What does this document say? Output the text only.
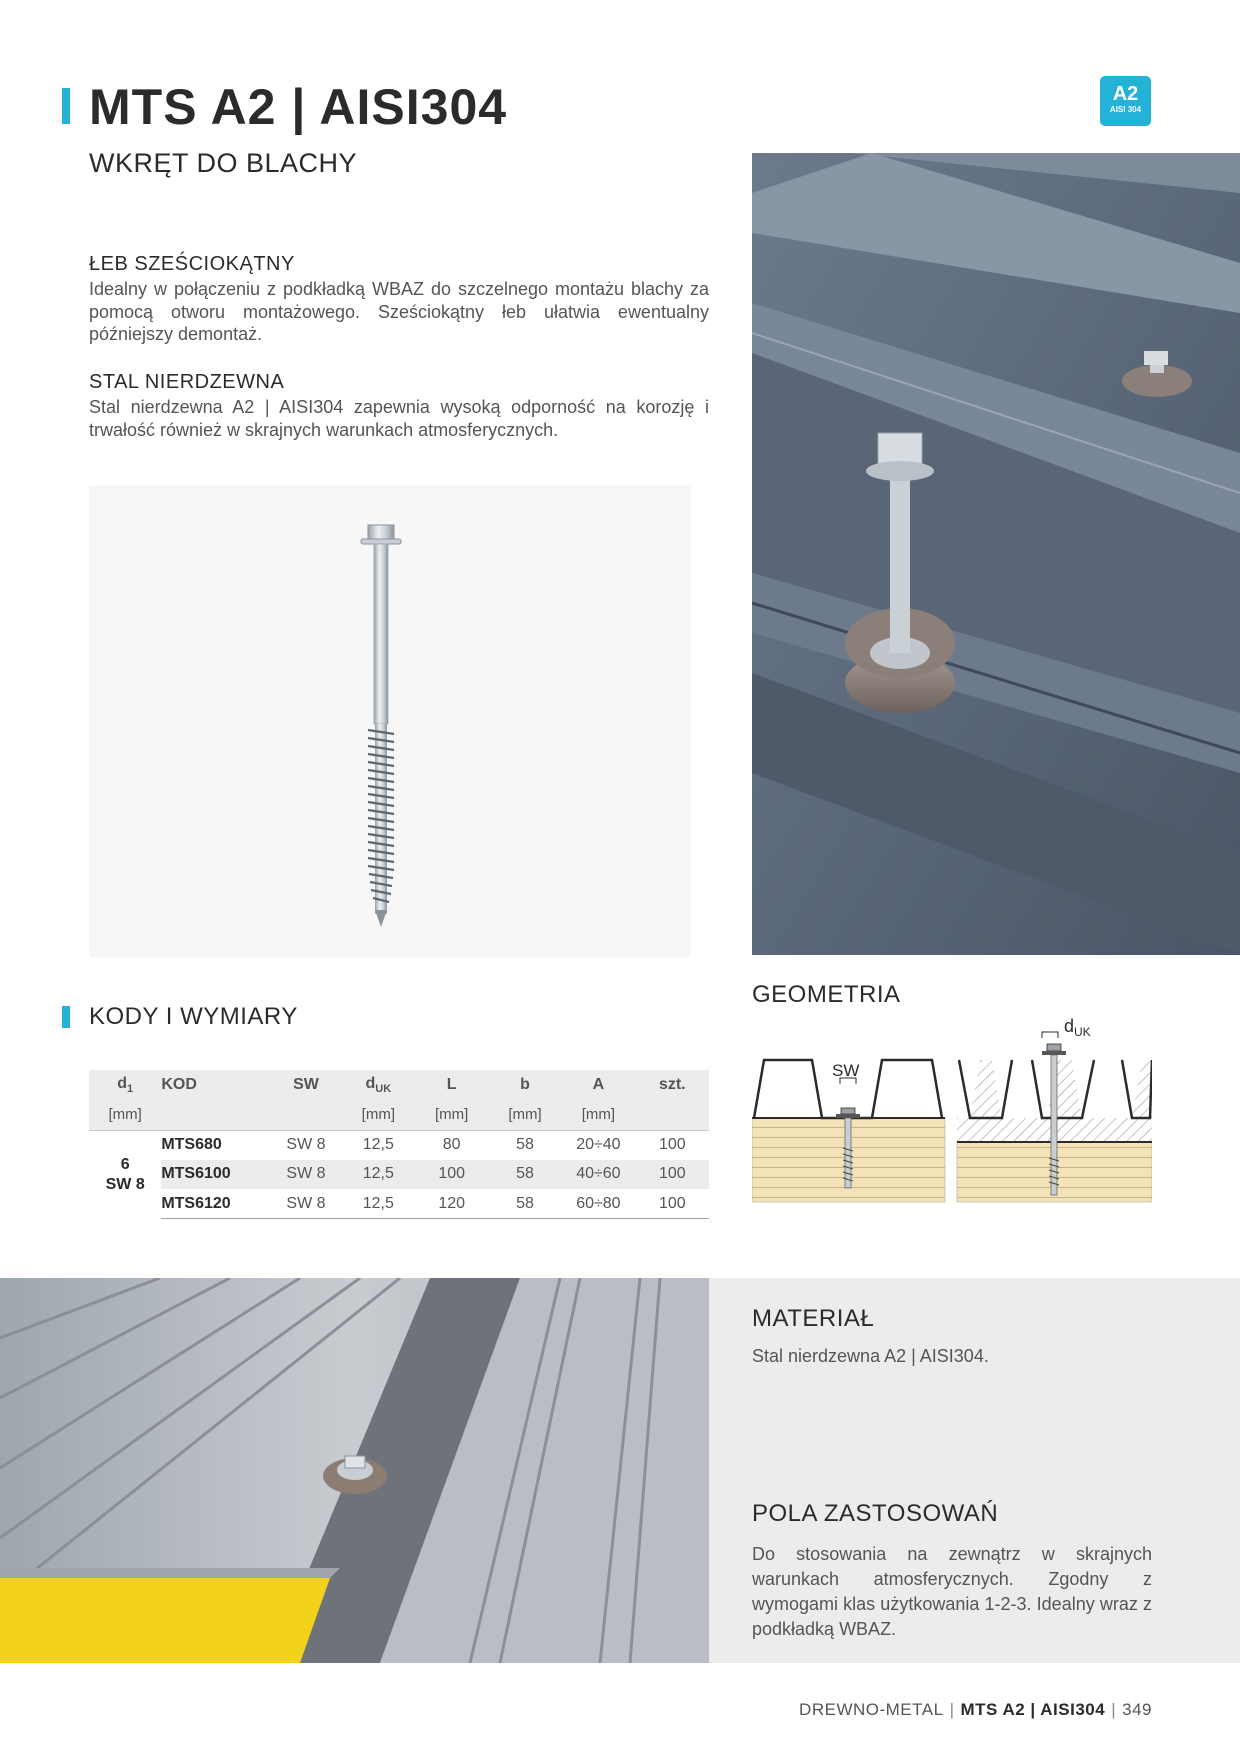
MTS A2 | AISI304
WKRĘT DO BLACHY
A2
AISI 304
ŁEB SZEŚCIOKĄTNY

Idealny w połączeniu z podkładką WBAZ do szczelnego montażu blachy za pomocą otworu montażowego. Sześciokątny łeb ułatwia ewentualny późniejszy demontaż.

STAL NIERDZEWNA

Stal nierdzewna A2 | AISI304 zapewnia wysoką odporność na korozję i trwałość również w skrajnych warunkach atmosferycznych.

KODY I WYMIARY
$d_1$	KOD	SW	$d_{UK}$	L	b	A	szt.
[mm]			[mm]	[mm]	[mm]	[mm]	

6
SW 8	MTS680	SW 8	12,5	80	58	20÷40	100
	MTS6100	SW 8	12,5	100	58	40÷60	100
	MTS6120	SW 8	12,5	120	58	60÷80	100
GEOMETRIA
SW
$d_{UK}$
MATERIAŁ
Stal nierdzewna A2 | AISI304.
POLA ZASTOSOWAŃ
Do stosowania na zewnątrz w skrajnych warunkach atmosferycznych. Zgodny z wymogami klas użytkowania 1-2-3. Idealny wraz z podkładką WBAZ.
DREWNO-METAL | MTS A2 | AISI304 | 349
